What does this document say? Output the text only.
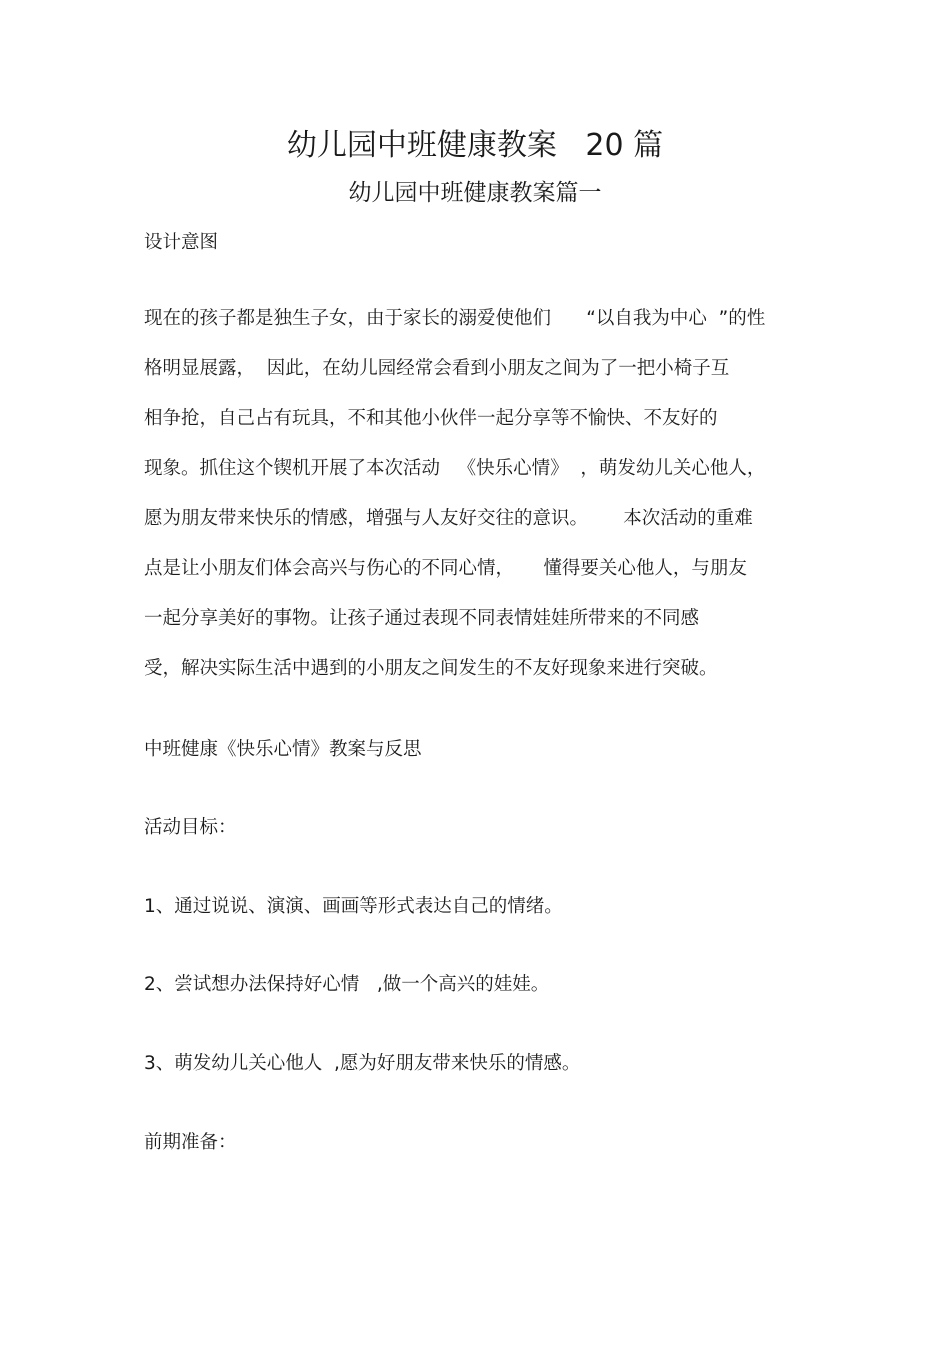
幼儿园中班健康教案   20 篇
幼儿园中班健康教案篇一
设计意图
现在的孩子都是独生子女，由于家长的溺爱使他们      “以自我为中心  ”的性
格明显展露，  因此，在幼儿园经常会看到小朋友之间为了一把小椅子互
相争抢，自己占有玩具，不和其他小伙伴一起分享等不愉快、不友好的
现象。抓住这个锲机开展了本次活动   《快乐心情》  ，萌发幼儿关心他人，
愿为朋友带来快乐的情感，增强与人友好交往的意识。      本次活动的重难
点是让小朋友们体会高兴与伤心的不同心情，     懂得要关心他人，与朋友
一起分享美好的事物。让孩子通过表现不同表情娃娃所带来的不同感
受，解决实际生活中遇到的小朋友之间发生的不友好现象来进行突破。
中班健康《快乐心情》教案与反思
活动目标：
1、通过说说、演演、画画等形式表达自己的情绪。
2、尝试想办法保持好心情   ,做一个高兴的娃娃。
3、萌发幼儿关心他人  ,愿为好朋友带来快乐的情感。
前期准备：
